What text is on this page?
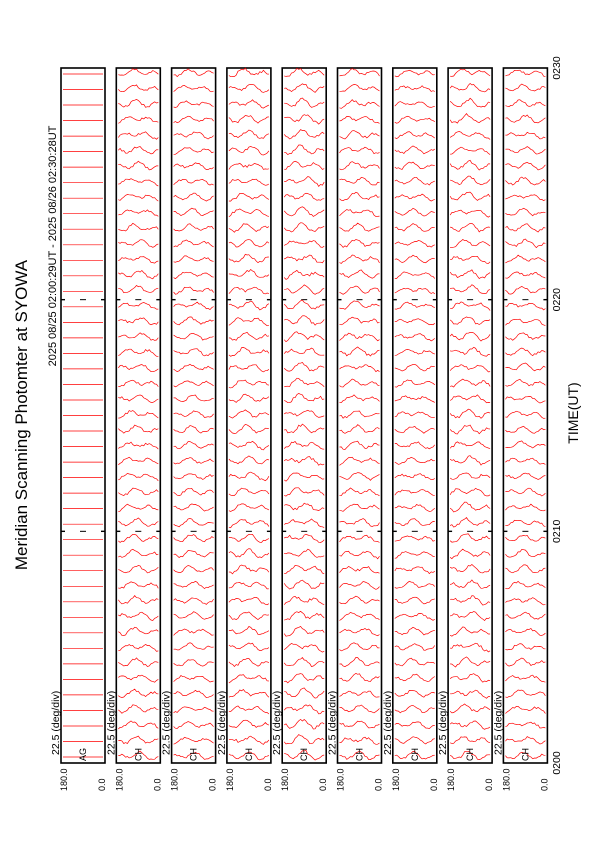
Meridian Scanning Photomter at SYOWA
2025 08/25 02:00:29UT - 2025 08/26 02:30:28UT
TIME(UT)
180.0	0.0
AG
22.5 (deg/div)
180.0	0.0
CH
22.5 (deg/div)
180.0	0.0
CH
22.5 (deg/div)
180.0	0.0
CH
22.5 (deg/div)
180.0	0.0
CH
22.5 (deg/div)
180.0	0.0
CH
22.5 (deg/div)
180.0	0.0
CH
22.5 (deg/div)
180.0	0.0
CH
22.5 (deg/div)
180.0	0.0
CH
22.5 (deg/div)
0200
0210
0220
0230
